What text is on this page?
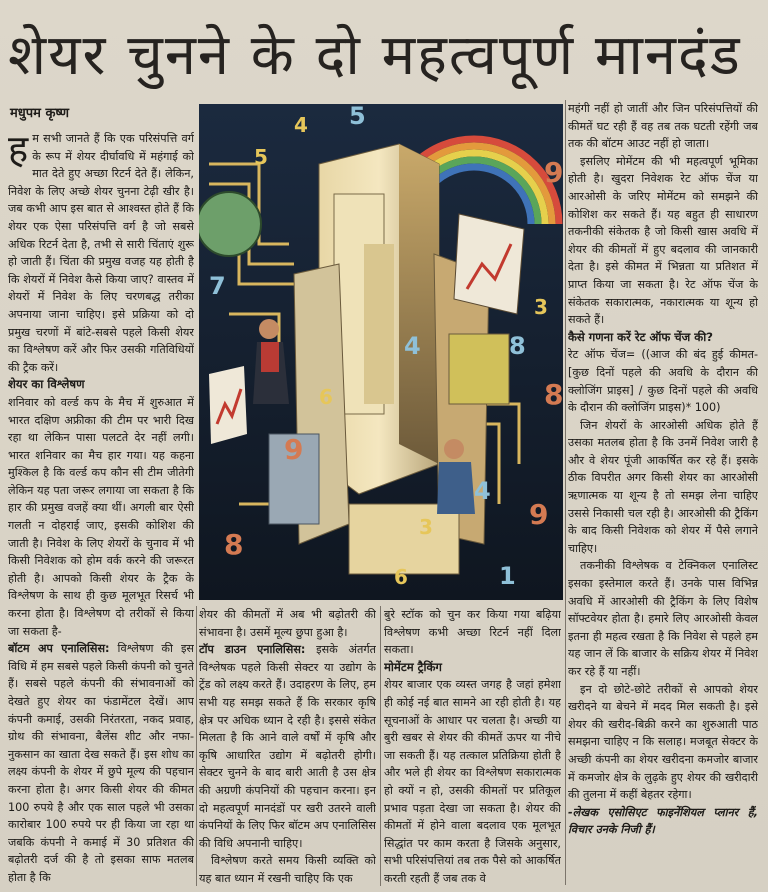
शेयर चुनने के दो महत्वपूर्ण मानदंड
मधुपम कृष्ण
ह म सभी जानते हैं कि एक परिसंपत्ति वर्ग के रूप में शेयर दीर्घावधि में महंगाई को मात देते हुए अच्छा रिटर्न देते हैं। लेकिन, निवेश के लिए अच्छे शेयर चुनना टेढ़ी खीर है। जब कभी आप इस बात से आश्वस्त होते हैं कि शेयर एक ऐसा परिसंपत्ति वर्ग है जो सबसे अधिक रिटर्न देता है, तभी से सारी चिंताएं शुरू हो जाती हैं। चिंता की प्रमुख वजह यह होती है कि शेयरों में निवेश कैसे किया जाए? वास्तव में शेयरों में निवेश के लिए चरणबद्ध तरीका अपनाया जाना चाहिए। इसे प्रक्रिया को दो प्रमुख चरणों में बांटे-सबसे पहले किसी शेयर का विश्लेषण करें और फिर उसकी गतिविधियों की ट्रैक करें।

शेयर का विश्लेषण

शनिवार को वर्ल्ड कप के मैच में शुरुआत में भारत दक्षिण अफ्रीका की टीम पर भारी दिख रहा था लेकिन पासा पलटते देर नहीं लगी। भारत शनिवार का मैच हार गया। यह कहना मुश्किल है कि वर्ल्ड कप कौन सी टीम जीतेगी लेकिन यह पता जरूर लगाया जा सकता है कि हार की प्रमुख वजहें क्या थीं। अगली बार ऐसी गलती न दोहराई जाए, इसकी कोशिश की जाती है। निवेश के लिए शेयरों के चुनाव में भी किसी निवेशक को होम वर्क करने की जरूरत होती है। आपको किसी शेयर के ट्रैक के विश्लेषण के साथ ही कुछ मूलभूत रिसर्च भी करना होता है। विश्लेषण दो तरीकों से किया जा सकता है-

बॉटम अप एनालिसिस: विश्लेषण की इस विधि में हम सबसे पहले किसी कंपनी को चुनते हैं। सबसे पहले कंपनी की संभावनाओं को देखते हुए शेयर का फंडामेंटल देखें। आप कंपनी कमाई, उसकी निरंतरता, नकद प्रवाह, ग्रोथ की संभावना, बैलेंस शीट और नफा-नुकसान का खाता देख सकते हैं। इस शोध का लक्ष्य कंपनी के शेयर में छुपे मूल्य की पहचान करना होता है। अगर किसी शेयर की कीमत 100 रुपये है और एक साल पहले भी उसका कारोबार 100 रुपये पर ही किया जा रहा था जबकि कंपनी ने कमाई में 30 प्रतिशत की बढ़ोतरी दर्ज की है तो इसका साफ मतलब होता है कि

4 5
9
3
7
8
6
4
8
6	1
9
5
4
9
3
8

शेयर की कीमतों में अब भी बढ़ोतरी की संभावना है। उसमें मूल्य छुपा हुआ है।

टॉप डाउन एनालिसिस: इसके अंतर्गत विश्लेषक पहले किसी सेक्टर या उद्योग के ट्रेंड को लक्ष्य करते हैं। उदाहरण के लिए, हम सभी यह समझ सकते हैं कि सरकार कृषि क्षेत्र पर अधिक ध्यान दे रही है। इससे संकेत मिलता है कि आने वाले वर्षों में कृषि और कृषि आधारित उद्योग में बढ़ोतरी होगी। सेक्टर चुनने के बाद बारी आती है उस क्षेत्र की अग्रणी कंपनियों की पहचान करना। इन दो महत्वपूर्ण मानदंडों पर खरी उतरने वाली कंपनियों के लिए फिर बॉटम अप एनालिसिस की विधि अपनानी चाहिए।

विश्लेषण करते समय किसी व्यक्ति को यह बात ध्यान में रखनी चाहिए कि एक

बुरे स्टॉक को चुन कर किया गया बढ़िया विश्लेषण कभी अच्छा रिटर्न नहीं दिला सकता।

मोमेंटम ट्रैकिंग

शेयर बाजार एक व्यस्त जगह है जहां हमेशा ही कोई नई बात सामने आ रही होती है। यह सूचनाओं के आधार पर चलता है। अच्छी या बुरी खबर से शेयर की कीमतें ऊपर या नीचे जा सकती हैं। यह तत्काल प्रतिक्रिया होती है और भले ही शेयर का विश्लेषण सकारात्मक हो क्यों न हो, उसकी कीमतों पर प्रतिकूल प्रभाव पड़ता देखा जा सकता है। शेयर की कीमतों में होने वाला बदलाव एक मूलभूत सिद्धांत पर काम करता है जिसके अनुसार, सभी परिसंपत्तियां तब तक पैसे को आकर्षित करती रहती हैं जब तक वे

महंगी नहीं हो जातीं और जिन परिसंपत्तियों की कीमतें घट रही हैं वह तब तक घटती रहेंगी जब तक की बॉटम आउट नहीं हो जाता।

इसलिए मोमेंटम की भी महत्वपूर्ण भूमिका होती है। खुदरा निवेशक रेट ऑफ चेंज या आरओसी के जरिए मोमेंटम को समझने की कोशिश कर सकते हैं। यह बहुत ही साधारण तकनीकी संकेतक है जो किसी खास अवधि में शेयर की कीमतों में हुए बदलाव की जानकारी देता है। इसे कीमत में भिन्नता या प्रतिशत में प्राप्त किया जा सकता है। रेट ऑफ चेंज के संकेतक सकारात्मक, नकारात्मक या शून्य हो सकते हैं।

कैसे गणना करें रेट ऑफ चेंज की?

रेट ऑफ चेंज= ((आज की बंद हुई कीमत- [कुछ दिनों पहले की अवधि के दौरान की क्लोजिंग प्राइस] / कुछ दिनों पहले की अवधि के दौरान की क्लोजिंग प्राइस)* 100)

जिन शेयरों के आरओसी अधिक होते हैं उसका मतलब होता है कि उनमें निवेश जारी है और वे शेयर पूंजी आकर्षित कर रहे हैं। इसके ठीक विपरीत अगर किसी शेयर का आरओसी ऋणात्मक या शून्य है तो समझ लेना चाहिए उससे निकासी चल रही है। आरओसी की ट्रैकिंग के बाद किसी निवेशक को शेयर में पैसे लगाने चाहिए।

तकनीकी विश्लेषक व टेक्निकल एनालिस्ट इसका इस्तेमाल करते हैं। उनके पास विभिन्न अवधि में आरओसी की ट्रैकिंग के लिए विशेष सॉफ्टवेयर होता है। हमारे लिए आरओसी केवल इतना ही महत्व रखता है कि निवेश से पहले हम यह जान लें कि बाजार के सक्रिय शेयर में निवेश कर रहे हैं या नहीं।

इन दो छोटे-छोटे तरीकों से आपको शेयर खरीदने या बेचने में मदद मिल सकती है। इसे शेयर की खरीद-बिक्री करने का शुरुआती पाठ समझना चाहिए न कि सलाह। मजबूत सेक्टर के अच्छी कंपनी का शेयर खरीदना कमजोर बाजार में कमजोर क्षेत्र के लुढ़के हुए शेयर की खरीदारी की तुलना में कहीं बेहतर रहेगा।

-लेखक एसोसिएट फाइनेंशियल प्लानर हैं, विचार उनके निजी हैं।
